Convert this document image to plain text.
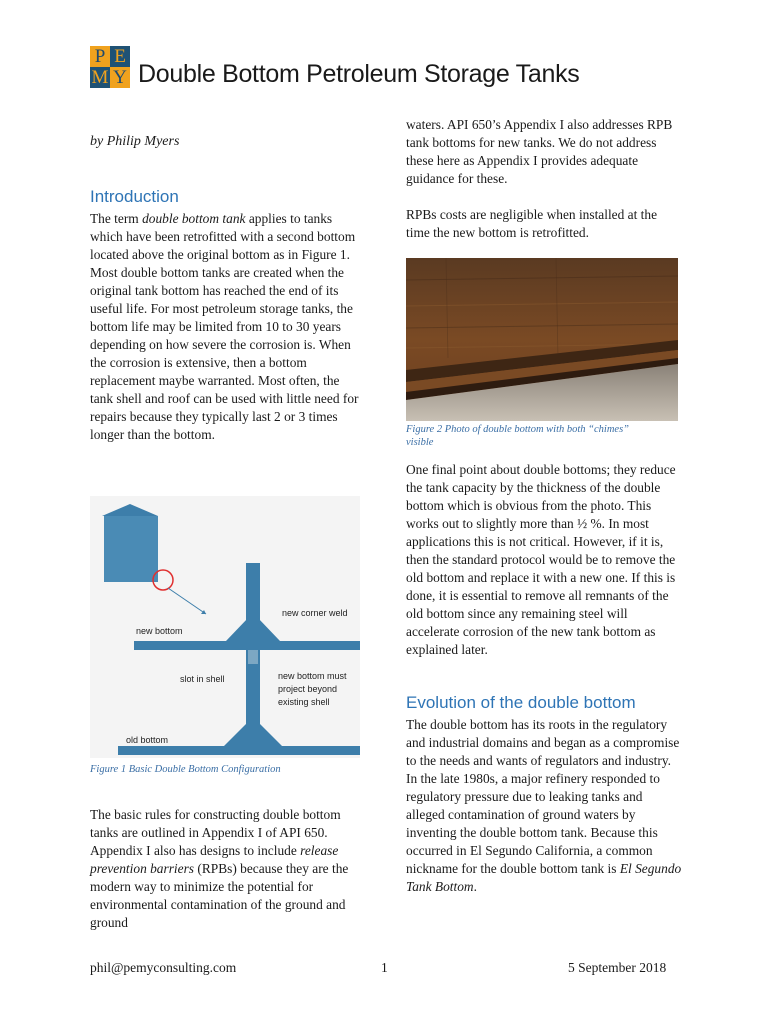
P E
M Y Double Bottom Petroleum Storage Tanks
by Philip Myers
Introduction

The term double bottom tank applies to tanks which have been retrofitted with a second bottom located above the original bottom as in Figure 1. Most double bottom tanks are created when the original tank bottom has reached the end of its useful life. For most petroleum storage tanks, the bottom life may be limited from 10 to 30 years depending on how severe the corrosion is. When the corrosion is extensive, then a bottom replacement maybe warranted. Most often, the tank shell and roof can be used with little need for repairs because they typically last 2 or 3 times longer than the bottom.

new corner weld
new bottom
slot in shell	new bottom must
project beyond
existing shell
old bottom
Figure 1 Basic Double Bottom Configuration

The basic rules for constructing double bottom tanks are outlined in Appendix I of API 650. Appendix I also has designs to include release prevention barriers (RPBs) because they are the modern way to minimize the potential for environmental contamination of the ground and ground

waters. API 650’s Appendix I also addresses RPB tank bottoms for new tanks. We do not address these here as Appendix I provides adequate guidance for these.

RPBs costs are negligible when installed at the time the new bottom is retrofitted.

Figure 2 Photo of double bottom with both “chimes” visible

One final point about double bottoms; they reduce the tank capacity by the thickness of the double bottom which is obvious from the photo. This works out to slightly more than ½ %. In most applications this is not critical. However, if it is, then the standard protocol would be to remove the old bottom and replace it with a new one. If this is done, it is essential to remove all remnants of the old bottom since any remaining steel will accelerate corrosion of the new tank bottom as explained later.

Evolution of the double bottom

The double bottom has its roots in the regulatory and industrial domains and began as a compromise to the needs and wants of regulators and industry. In the late 1980s, a major refinery responded to regulatory pressure due to leaking tanks and alleged contamination of ground waters by inventing the double bottom tank. Because this occurred in El Segundo California, a common nickname for the double bottom tank is El Segundo Tank Bottom.

phil@pemyconsulting.com	1	5 September 2018
